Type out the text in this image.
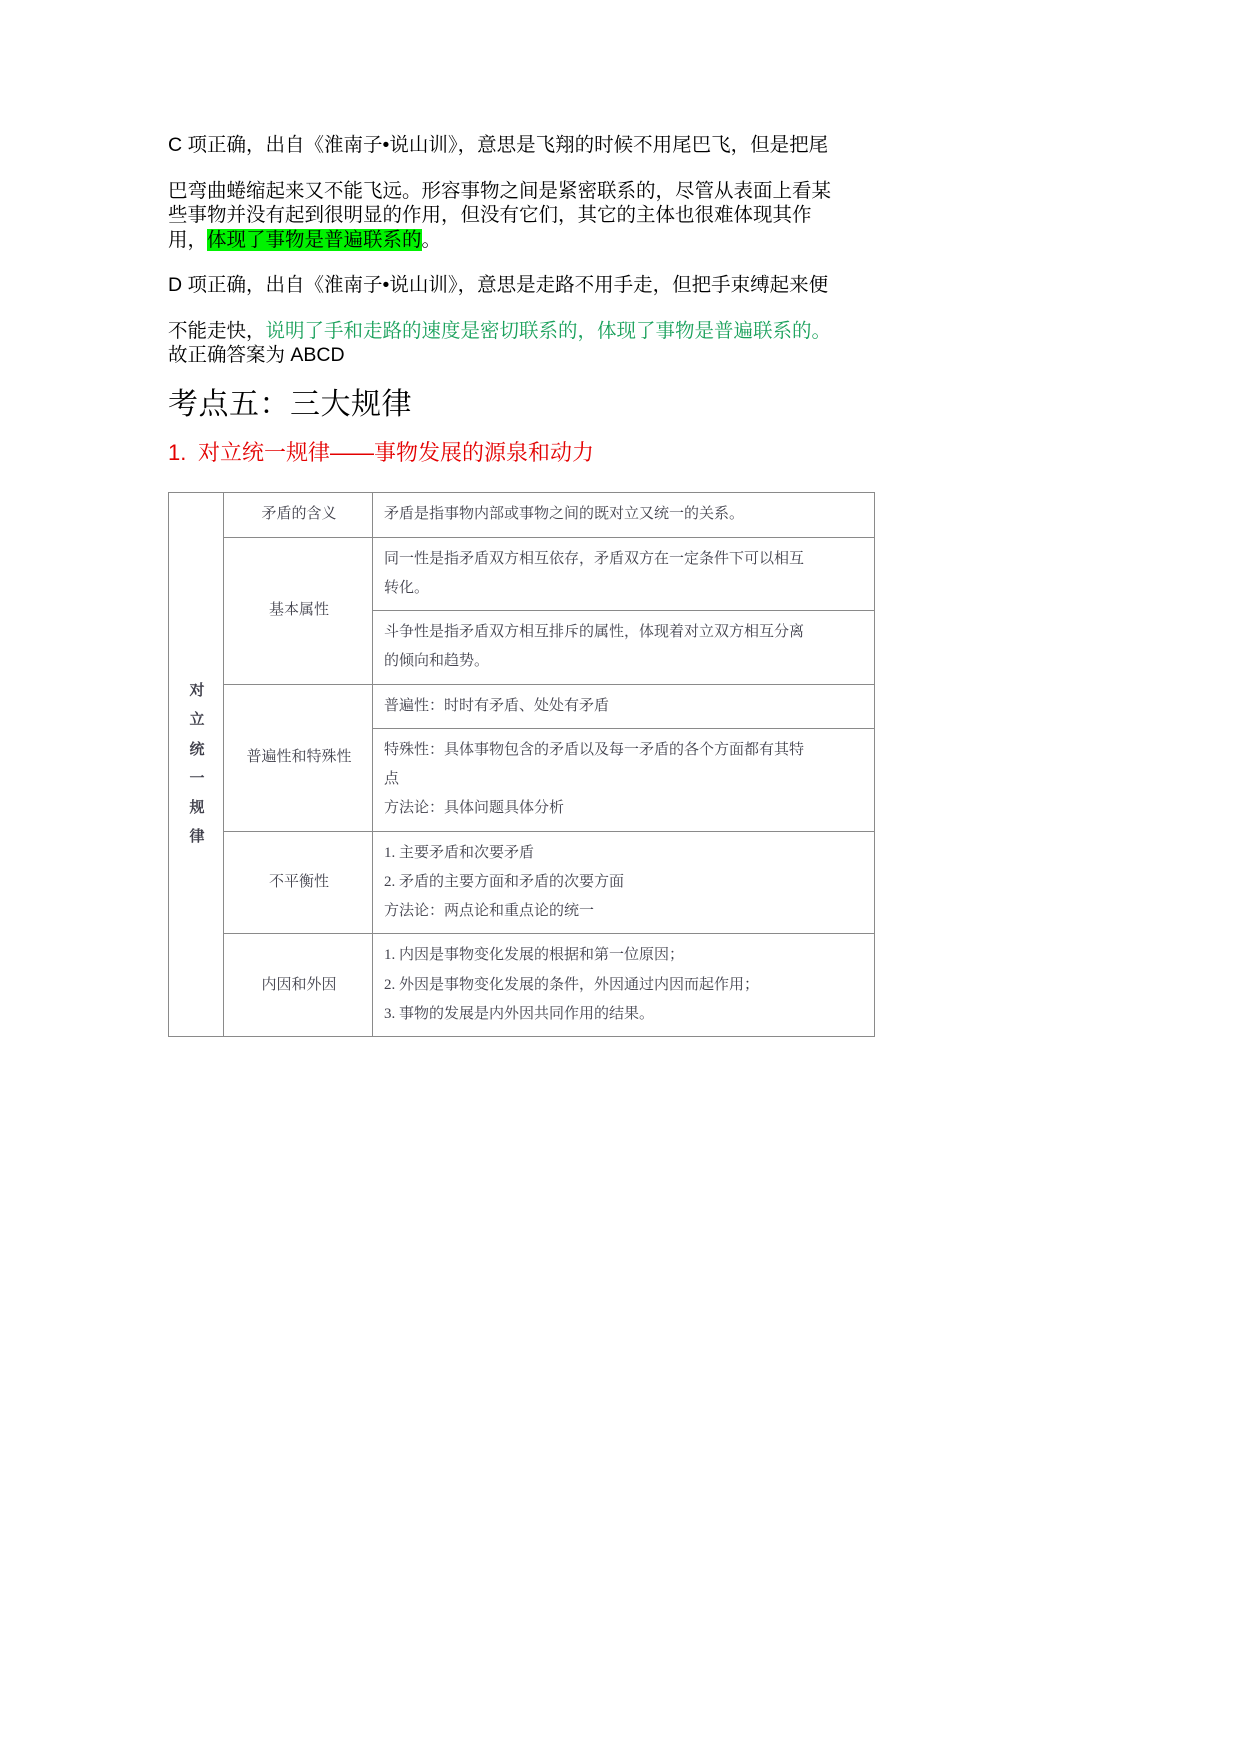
C 项正确，出自《淮南子•说山训》，意思是飞翔的时候不用尾巴飞，但是把尾
巴弯曲蜷缩起来又不能飞远。形容事物之间是紧密联系的，尽管从表面上看某
些事物并没有起到很明显的作用，但没有它们，其它的主体也很难体现其作
用，体现了事物是普遍联系的。
D 项正确，出自《淮南子•说山训》，意思是走路不用手走，但把手束缚起来便
不能走快，说明了手和走路的速度是密切联系的，体现了事物是普遍联系的。
故正确答案为 ABCD
考点五：三大规律
1. 对立统一规律——事物发展的源泉和动力
对
立
统
一
规
律
	矛盾的含义	矛盾是指事物内部或事物之间的既对立又统一的关系。

	基本属性	同一性是指矛盾双方相互依存，矛盾双方在一定条件下可以相互
转化。

		斗争性是指矛盾双方相互排斥的属性，体现着对立双方相互分离
的倾向和趋势。

	普遍性和特殊性	普遍性：时时有矛盾、处处有矛盾

		特殊性：具体事物包含的矛盾以及每一矛盾的各个方面都有其特
点
方法论：具体问题具体分析

	不平衡性	1. 主要矛盾和次要矛盾
2. 矛盾的主要方面和矛盾的次要方面
方法论：两点论和重点论的统一

	内因和外因	1. 内因是事物变化发展的根据和第一位原因；
2. 外因是事物变化发展的条件，外因通过内因而起作用；
3. 事物的发展是内外因共同作用的结果。
